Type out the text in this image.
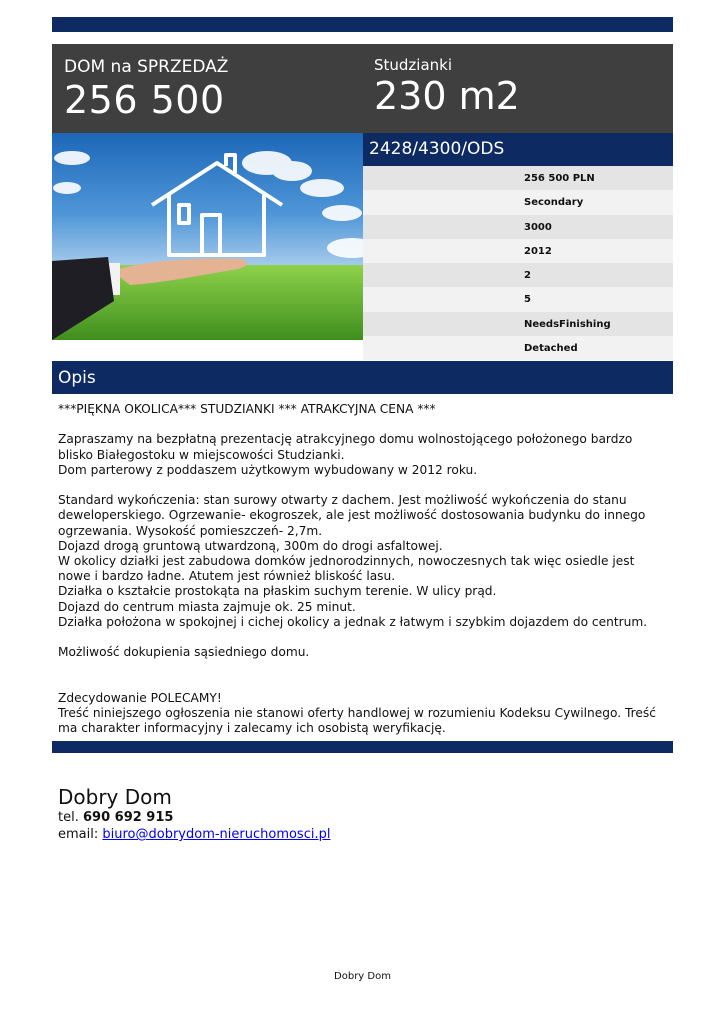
DOM na SPRZEDAŻ
256 500
Studzianki
230 m2
2428/4300/ODS
256 500 PLN
Secondary
3000
2012
2
5
NeedsFinishing
Detached
Opis

***PIĘKNA OKOLICA*** STUDZIANKI *** ATRAKCYJNA CENA ***

Zapraszamy na bezpłatną prezentację atrakcyjnego domu wolnostojącego położonego bardzo

blisko Białegostoku w miejscowości Studzianki.

Dom parterowy z poddaszem użytkowym wybudowany w 2012 roku.

Standard wykończenia: stan surowy otwarty z dachem. Jest możliwość wykończenia do stanu

deweloperskiego. Ogrzewanie- ekogroszek, ale jest możliwość dostosowania budynku do innego

ogrzewania. Wysokość pomieszczeń- 2,7m.

Dojazd drogą gruntową utwardzoną, 300m do drogi asfaltowej.

W okolicy działki jest zabudowa domków jednorodzinnych, nowoczesnych tak więc osiedle jest

nowe i bardzo ładne. Atutem jest również bliskość lasu.

Działka o kształcie prostokąta na płaskim suchym terenie. W ulicy prąd.

Dojazd do centrum miasta zajmuje ok. 25 minut.

Działka położona w spokojnej i cichej okolicy a jednak z łatwym i szybkim dojazdem do centrum.

Możliwość dokupienia sąsiedniego domu.

Zdecydowanie POLECAMY!

Treść niniejszego ogłoszenia nie stanowi oferty handlowej w rozumieniu Kodeksu Cywilnego. Treść

ma charakter informacyjny i zalecamy ich osobistą weryfikację.

Dobry Dom
tel. 690 692 915
email: biuro@dobrydom-nieruchomosci.pl
Dobry Dom
